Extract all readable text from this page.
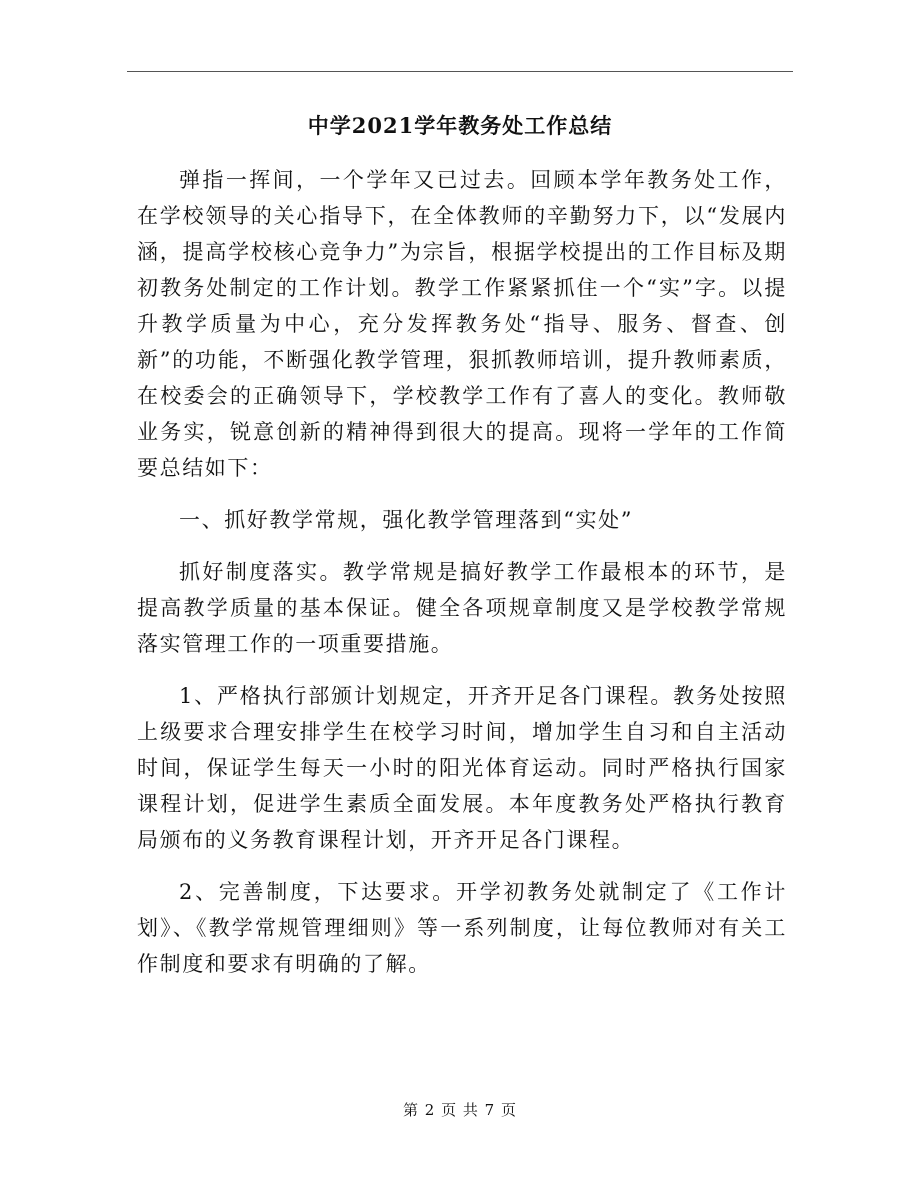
中学2021学年教务处工作总结

弹指一挥间，一个学年又已过去。回顾本学年教务处工作，在学校领导的关心指导下，在全体教师的辛勤努力下，以“发展内涵，提高学校核心竞争力”为宗旨，根据学校提出的工作目标及期初教务处制定的工作计划。教学工作紧紧抓住一个“实”字。以提升教学质量为中心，充分发挥教务处“指导、服务、督查、创新”的功能，不断强化教学管理，狠抓教师培训，提升教师素质，在校委会的正确领导下，学校教学工作有了喜人的变化。教师敬业务实，锐意创新的精神得到很大的提高。现将一学年的工作简要总结如下：

一、抓好教学常规，强化教学管理落到“实处”

抓好制度落实。教学常规是搞好教学工作最根本的环节，是提高教学质量的基本保证。健全各项规章制度又是学校教学常规落实管理工作的一项重要措施。

1、严格执行部颁计划规定，开齐开足各门课程。教务处按照上级要求合理安排学生在校学习时间，增加学生自习和自主活动时间，保证学生每天一小时的阳光体育运动。同时严格执行国家课程计划，促进学生素质全面发展。本年度教务处严格执行教育局颁布的义务教育课程计划，开齐开足各门课程。

2、完善制度，下达要求。开学初教务处就制定了《工作计划》、《教学常规管理细则》等一系列制度，让每位教师对有关工作制度和要求有明确的了解。

第 2 页 共 7 页
